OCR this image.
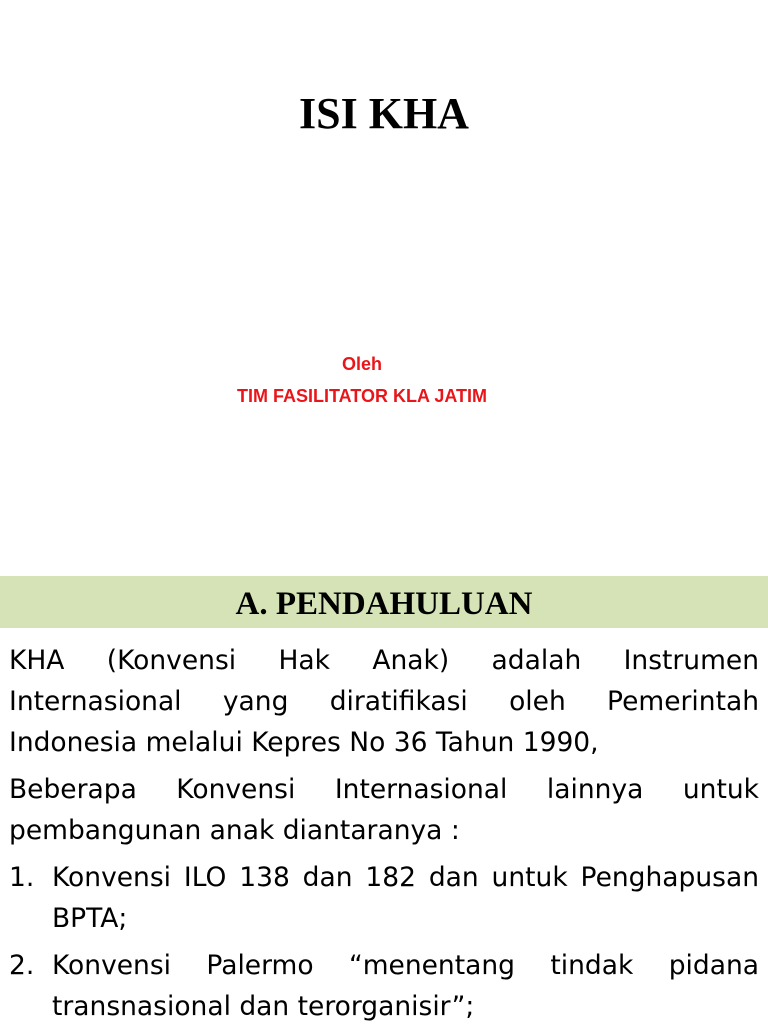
ISI KHA
Oleh
TIM FASILITATOR KLA JATIM
A. PENDAHULUAN

KHA (Konvensi Hak Anak) adalah Instrumen Internasional yang diratifikasi oleh Pemerintah Indonesia melalui Kepres No 36 Tahun 1990,

Beberapa Konvensi Internasional lainnya untuk pembangunan anak diantaranya :

1. Konvensi ILO 138 dan 182 dan untuk Penghapusan BPTA;
2. Konvensi Palermo “menentang tindak pidana transnasional dan terorganisir”;
